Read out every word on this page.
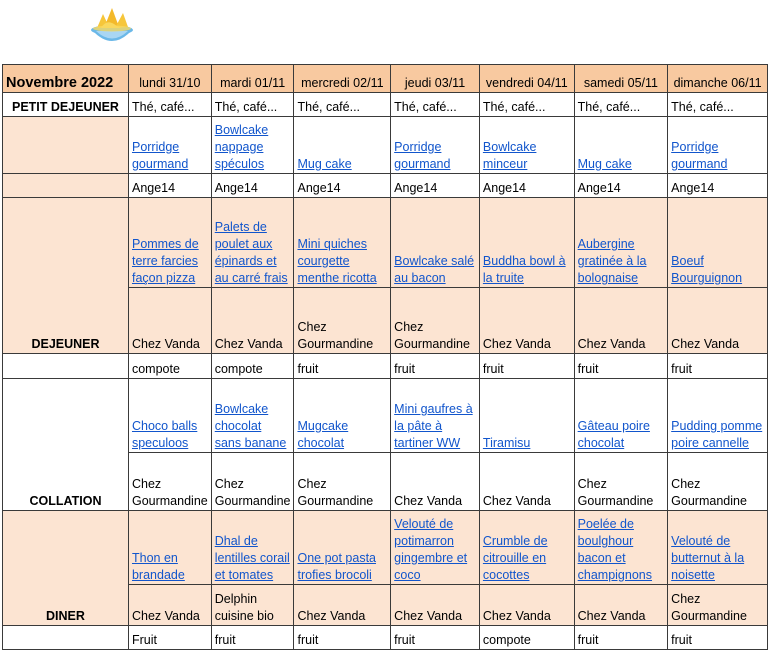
Novembre 2022	lundi 31/10	mardi 01/11	mercredi 02/11	jeudi 03/11	vendredi 04/11	samedi 05/11	dimanche 06/11
PETIT DEJEUNER	Thé, café...	Thé, café...	Thé, café...	Thé, café...	Thé, café...	Thé, café...	Thé, café...
	Porridge gourmand	Bowlcake nappage spéculos	Mug cake	Porridge gourmand	Bowlcake minceur	Mug cake	Porridge gourmand
	Ange14	Ange14	Ange14	Ange14	Ange14	Ange14	Ange14
DEJEUNER	Pommes de terre farcies façon pizza	Palets de poulet aux épinards et au carré frais	Mini quiches courgette menthe ricotta	Bowlcake salé au bacon	Buddha bowl à la truite	Aubergine gratinée à la bolognaise	Boeuf Bourguignon
	Chez Vanda	Chez Vanda	Chez Gourmandine	Chez Gourmandine	Chez Vanda	Chez Vanda	Chez Vanda
	compote	compote	fruit	fruit	fruit	fruit	fruit
COLLATION	Choco balls speculoos	Bowlcake chocolat sans banane	Mugcake chocolat	Mini gaufres à la pâte à tartiner WW	Tiramisu	Gâteau poire chocolat	Pudding pomme poire cannelle
	Chez Gourmandine	Chez Gourmandine	Chez Gourmandine	Chez Vanda	Chez Vanda	Chez Gourmandine	Chez Gourmandine
DINER	Thon en brandade	Dhal de lentilles corail et tomates	One pot pasta trofies brocoli	Velouté de potimarron gingembre et coco	Crumble de citrouille en cocottes	Poelée de boulghour bacon et champignons	Velouté de butternut à la noisette
	Chez Vanda	Delphin cuisine bio	Chez Vanda	Chez Vanda	Chez Vanda	Chez Vanda	Chez Gourmandine
	Fruit	fruit	fruit	fruit	compote	fruit	fruit
